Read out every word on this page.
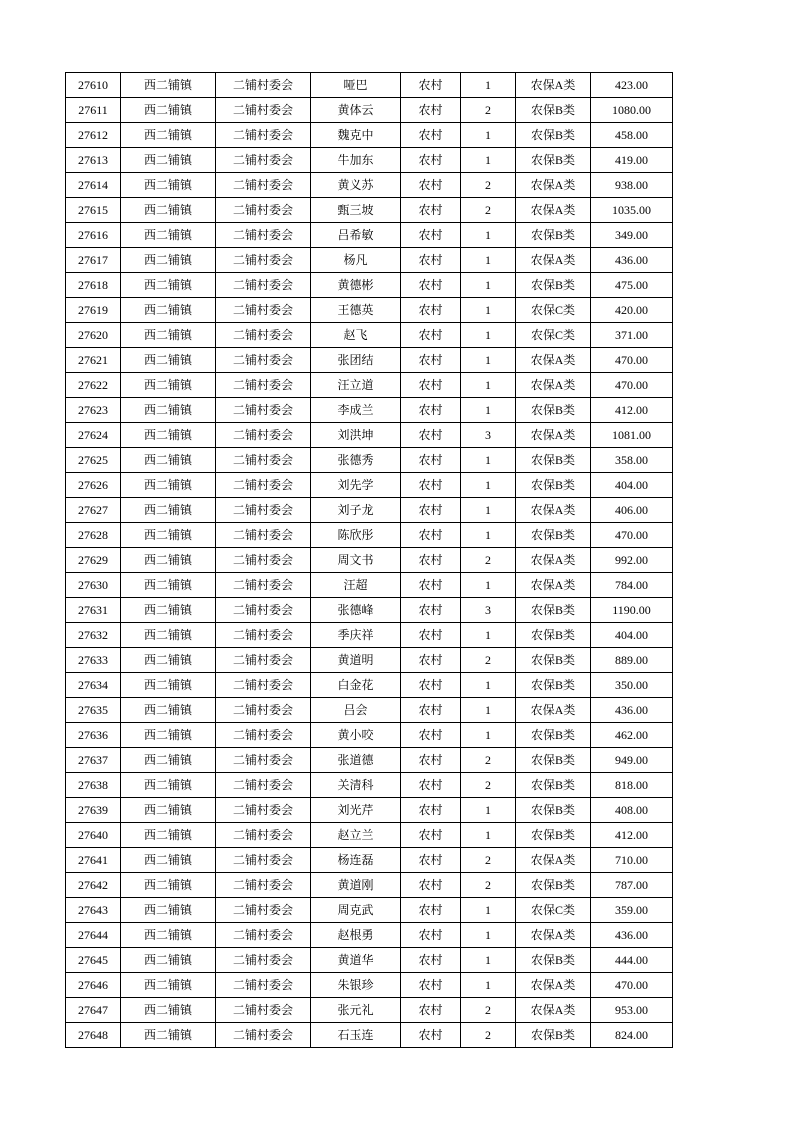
27610	西二铺镇	二铺村委会	哑巴	农村	1	农保A类	423.00
27611	西二铺镇	二铺村委会	黄体云	农村	2	农保B类	1080.00
27612	西二铺镇	二铺村委会	魏克中	农村	1	农保B类	458.00
27613	西二铺镇	二铺村委会	牛加东	农村	1	农保B类	419.00
27614	西二铺镇	二铺村委会	黄义苏	农村	2	农保A类	938.00
27615	西二铺镇	二铺村委会	甄三坡	农村	2	农保A类	1035.00
27616	西二铺镇	二铺村委会	吕希敏	农村	1	农保B类	349.00
27617	西二铺镇	二铺村委会	杨凡	农村	1	农保A类	436.00
27618	西二铺镇	二铺村委会	黄德彬	农村	1	农保B类	475.00
27619	西二铺镇	二铺村委会	王德英	农村	1	农保C类	420.00
27620	西二铺镇	二铺村委会	赵飞	农村	1	农保C类	371.00
27621	西二铺镇	二铺村委会	张团结	农村	1	农保A类	470.00
27622	西二铺镇	二铺村委会	汪立道	农村	1	农保A类	470.00
27623	西二铺镇	二铺村委会	李成兰	农村	1	农保B类	412.00
27624	西二铺镇	二铺村委会	刘洪坤	农村	3	农保A类	1081.00
27625	西二铺镇	二铺村委会	张德秀	农村	1	农保B类	358.00
27626	西二铺镇	二铺村委会	刘先学	农村	1	农保B类	404.00
27627	西二铺镇	二铺村委会	刘子龙	农村	1	农保A类	406.00
27628	西二铺镇	二铺村委会	陈欣彤	农村	1	农保B类	470.00
27629	西二铺镇	二铺村委会	周文书	农村	2	农保A类	992.00
27630	西二铺镇	二铺村委会	汪超	农村	1	农保A类	784.00
27631	西二铺镇	二铺村委会	张德峰	农村	3	农保B类	1190.00
27632	西二铺镇	二铺村委会	季庆祥	农村	1	农保B类	404.00
27633	西二铺镇	二铺村委会	黄道明	农村	2	农保B类	889.00
27634	西二铺镇	二铺村委会	白金花	农村	1	农保B类	350.00
27635	西二铺镇	二铺村委会	吕会	农村	1	农保A类	436.00
27636	西二铺镇	二铺村委会	黄小咬	农村	1	农保B类	462.00
27637	西二铺镇	二铺村委会	张道德	农村	2	农保B类	949.00
27638	西二铺镇	二铺村委会	关清科	农村	2	农保B类	818.00
27639	西二铺镇	二铺村委会	刘光芹	农村	1	农保B类	408.00
27640	西二铺镇	二铺村委会	赵立兰	农村	1	农保B类	412.00
27641	西二铺镇	二铺村委会	杨连磊	农村	2	农保A类	710.00
27642	西二铺镇	二铺村委会	黄道刚	农村	2	农保B类	787.00
27643	西二铺镇	二铺村委会	周克武	农村	1	农保C类	359.00
27644	西二铺镇	二铺村委会	赵根勇	农村	1	农保A类	436.00
27645	西二铺镇	二铺村委会	黄道华	农村	1	农保B类	444.00
27646	西二铺镇	二铺村委会	朱银珍	农村	1	农保A类	470.00
27647	西二铺镇	二铺村委会	张元礼	农村	2	农保A类	953.00
27648	西二铺镇	二铺村委会	石玉连	农村	2	农保B类	824.00
